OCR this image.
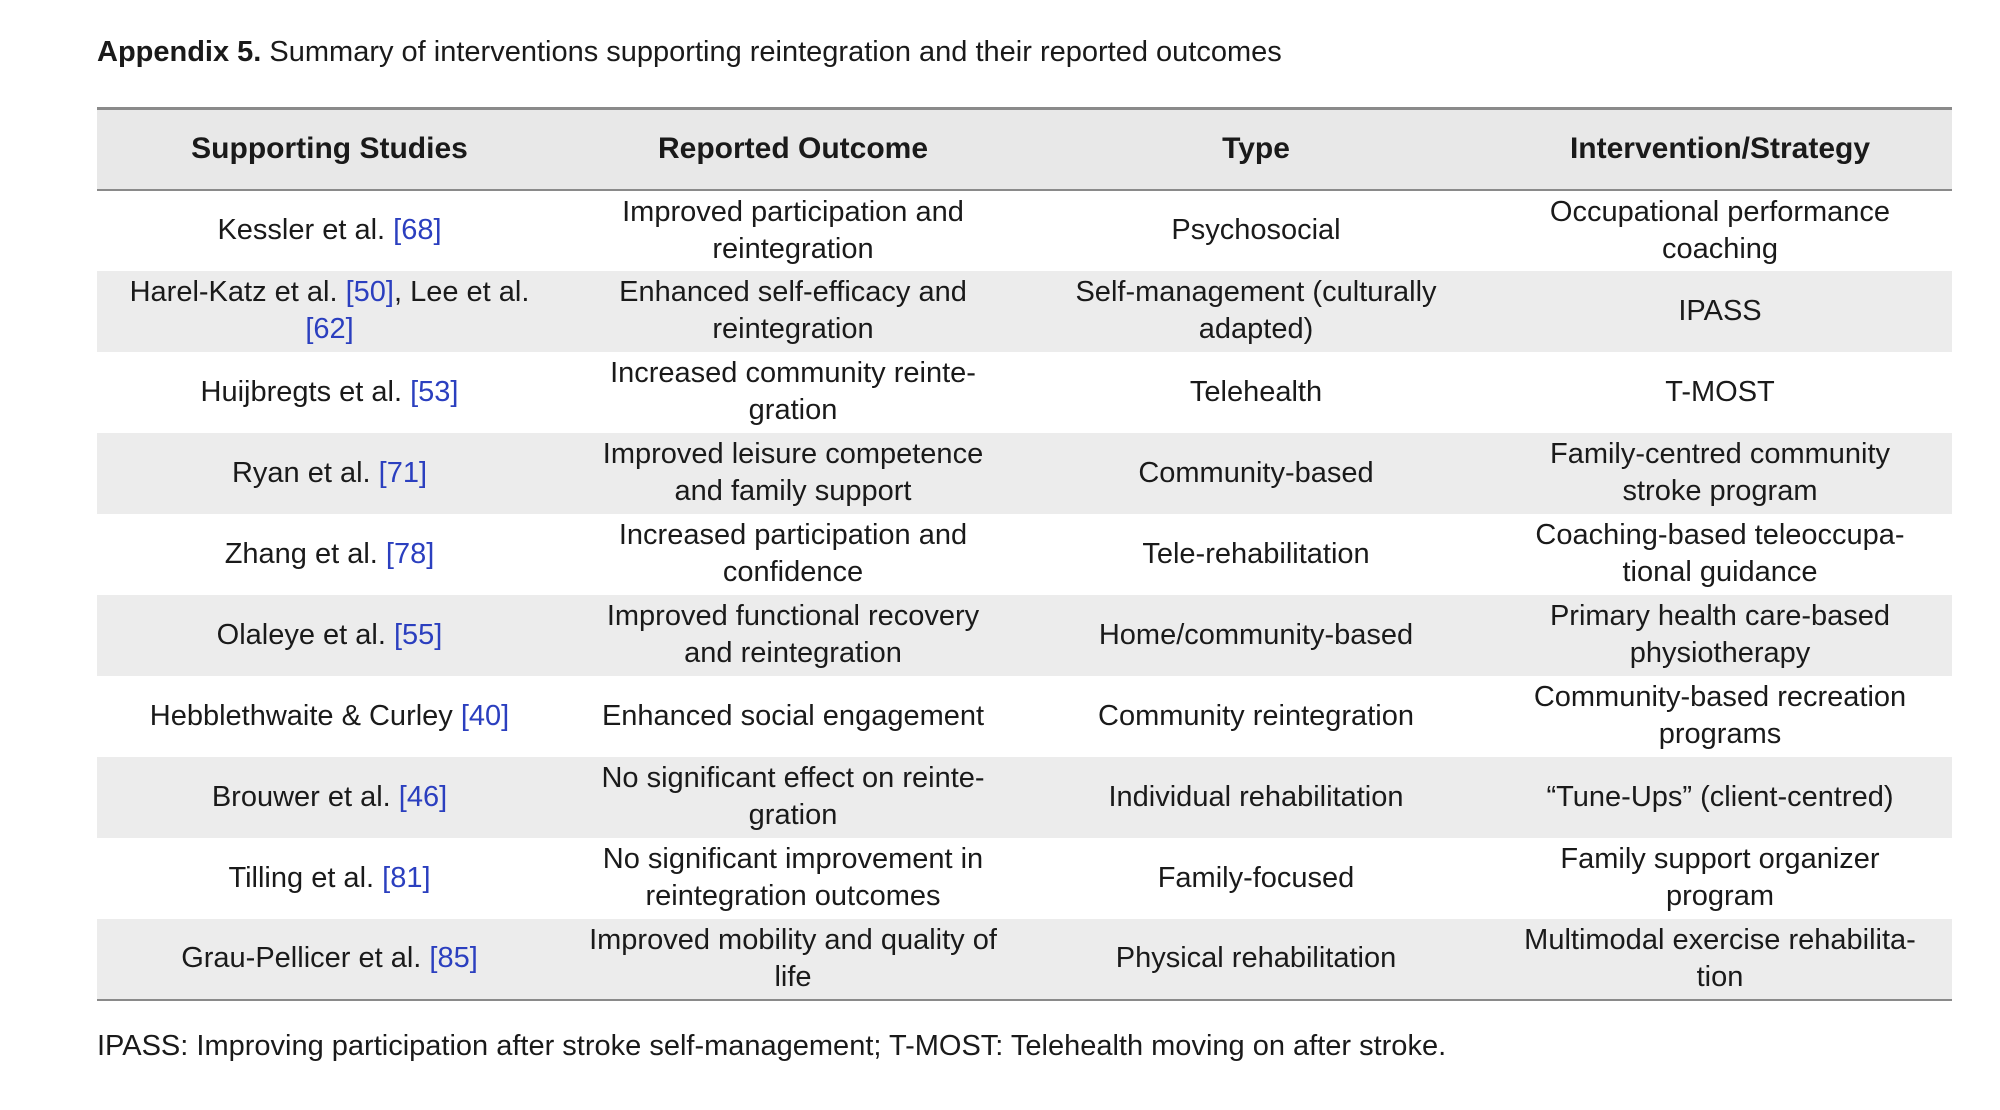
Appendix 5. Summary of interventions supporting reintegration and their reported outcomes
Supporting Studies	Reported Outcome	Type	Intervention/Strategy
Kessler et al. [68]	Improved participation and reintegration	Psychosocial	Occupational performance coaching
Harel-Katz et al. [50], Lee et al. [62]	Enhanced self-efficacy and reintegration	Self-management (culturally adapted)	IPASS
Huijbregts et al. [53]	Increased community reinte-gration	Telehealth	T-MOST
Ryan et al. [71]	Improved leisure competence and family support	Community-based	Family-centred community stroke program
Zhang et al. [78]	Increased participation and confidence	Tele-rehabilitation	Coaching-based teleoccupa-tional guidance
Olaleye et al. [55]	Improved functional recovery and reintegration	Home/community-based	Primary health care-based physiotherapy
Hebblethwaite & Curley [40]	Enhanced social engagement	Community reintegration	Community-based recreation programs
Brouwer et al. [46]	No significant effect on reinte-gration	Individual rehabilitation	“Tune-Ups” (client-centred)
Tilling et al. [81]	No significant improvement in reintegration outcomes	Family-focused	Family support organizer program
Grau-Pellicer et al. [85]	Improved mobility and quality of life	Physical rehabilitation	Multimodal exercise rehabilita-tion
IPASS: Improving participation after stroke self-management; T-MOST: Telehealth moving on after stroke.
